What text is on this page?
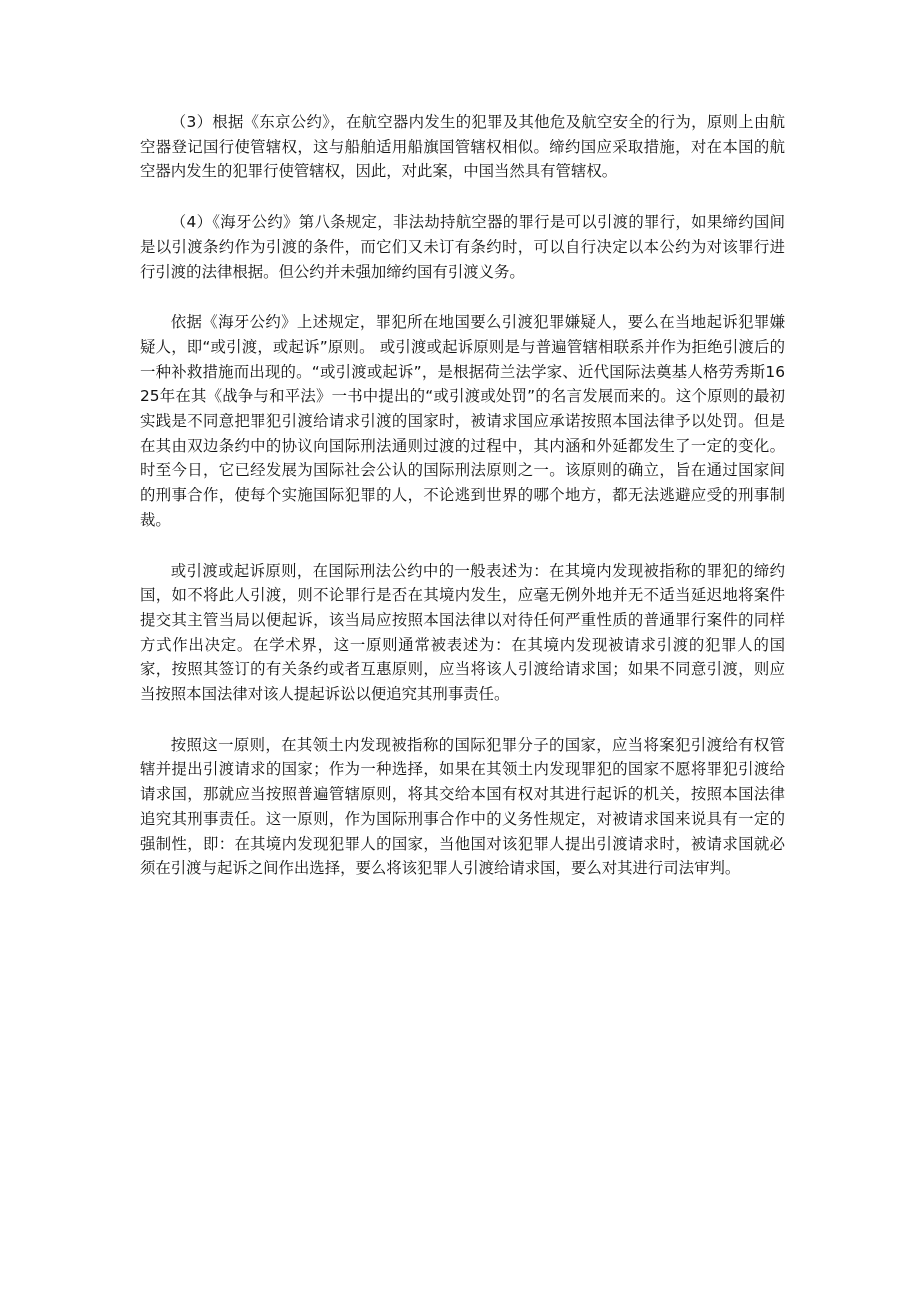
（3）根据《东京公约》，在航空器内发生的犯罪及其他危及航空安全的行为，原则上由航空器登记国行使管辖权，这与船舶适用船旗国管辖权相似。缔约国应采取措施，对在本国的航空器内发生的犯罪行使管辖权，因此，对此案，中国当然具有管辖权。

（4）《海牙公约》第八条规定，非法劫持航空器的罪行是可以引渡的罪行，如果缔约国间是以引渡条约作为引渡的条件，而它们又未订有条约时，可以自行决定以本公约为对该罪行进行引渡的法律根据。但公约并未强加缔约国有引渡义务。

依据《海牙公约》上述规定，罪犯所在地国要么引渡犯罪嫌疑人，要么在当地起诉犯罪嫌疑人，即“或引渡，或起诉”原则。 或引渡或起诉原则是与普遍管辖相联系并作为拒绝引渡后的一种补救措施而出现的。“或引渡或起诉”，是根据荷兰法学家、近代国际法奠基人格劳秀斯1625年在其《战争与和平法》一书中提出的“或引渡或处罚”的名言发展而来的。这个原则的最初实践是不同意把罪犯引渡给请求引渡的国家时，被请求国应承诺按照本国法律予以处罚。但是在其由双边条约中的协议向国际刑法通则过渡的过程中，其内涵和外延都发生了一定的变化。时至今日，它已经发展为国际社会公认的国际刑法原则之一。该原则的确立，旨在通过国家间的刑事合作，使每个实施国际犯罪的人，不论逃到世界的哪个地方，都无法逃避应受的刑事制裁。

或引渡或起诉原则，在国际刑法公约中的一般表述为：在其境内发现被指称的罪犯的缔约国，如不将此人引渡，则不论罪行是否在其境内发生，应毫无例外地并无不适当延迟地将案件提交其主管当局以便起诉，该当局应按照本国法律以对待任何严重性质的普通罪行案件的同样方式作出决定。在学术界，这一原则通常被表述为：在其境内发现被请求引渡的犯罪人的国家，按照其签订的有关条约或者互惠原则，应当将该人引渡给请求国；如果不同意引渡，则应当按照本国法律对该人提起诉讼以便追究其刑事责任。

按照这一原则，在其领土内发现被指称的国际犯罪分子的国家，应当将案犯引渡给有权管辖并提出引渡请求的国家；作为一种选择，如果在其领土内发现罪犯的国家不愿将罪犯引渡给请求国，那就应当按照普遍管辖原则，将其交给本国有权对其进行起诉的机关，按照本国法律追究其刑事责任。这一原则，作为国际刑事合作中的义务性规定，对被请求国来说具有一定的强制性，即：在其境内发现犯罪人的国家，当他国对该犯罪人提出引渡请求时，被请求国就必须在引渡与起诉之间作出选择，要么将该犯罪人引渡给请求国，要么对其进行司法审判。
